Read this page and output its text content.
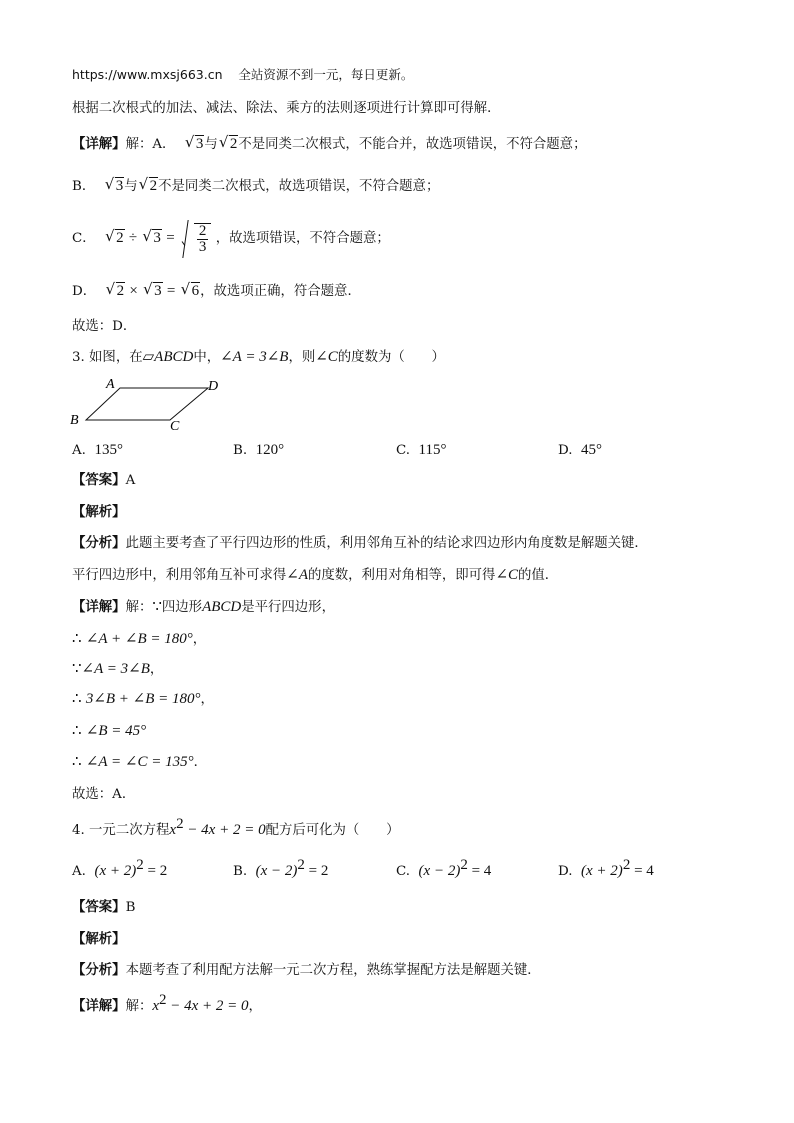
https://www.mxsj663.cn 全站资源不到一元，每日更新。
根据二次根式的加法、减法、除法、乘方的法则逐项进行计算即可得解．
【详解】解：A． √ 3与 √ 2不是同类二次根式，不能合并，故选项错误，不符合题意；
B． √ 3与 √ 2不是同类二次根式，故选项错误，不符合题意；
C． √ 2 ÷ √ $3 = \frac{2}{3}$ ，故选项错误，不符合题意；
D． √ 2 × √ 3 = √ 6，故选项正确，符合题意．
故选：D．
3. 如图，在▱ABCD中，∠A = 3∠B，则∠C的度数为（　　）
A	D
B	C
A. 135°	B. 120°	C. 115°	D. 45°
【答案】A
【解析】
【分析】此题主要考查了平行四边形的性质，利用邻角互补的结论求四边形内角度数是解题关键．
平行四边形中，利用邻角互补可求得∠A的度数，利用对角相等，即可得∠C的值．
【详解】解：∵四边形ABCD是平行四边形，
∴ ∠A + ∠B = 180°，
∵∠A = 3∠B，
∴ 3∠B + ∠B = 180°，
∴ ∠B = 45°
∴ ∠A = ∠C = 135°．
故选：A．
4. 一元二次方程$x^2 - 4x + 2 = 0$配方后可化为（　　）
A. $(x + 2)^2 = 2$	B. $(x - 2)^2 = 2$	C. $(x - 2)^2 = 4$	D. $(x + 2)^2 = 4$
【答案】B
【解析】
【分析】本题考查了利用配方法解一元二次方程，熟练掌握配方法是解题关键．
【详解】解：$x^2 - 4x + 2 = 0$，
